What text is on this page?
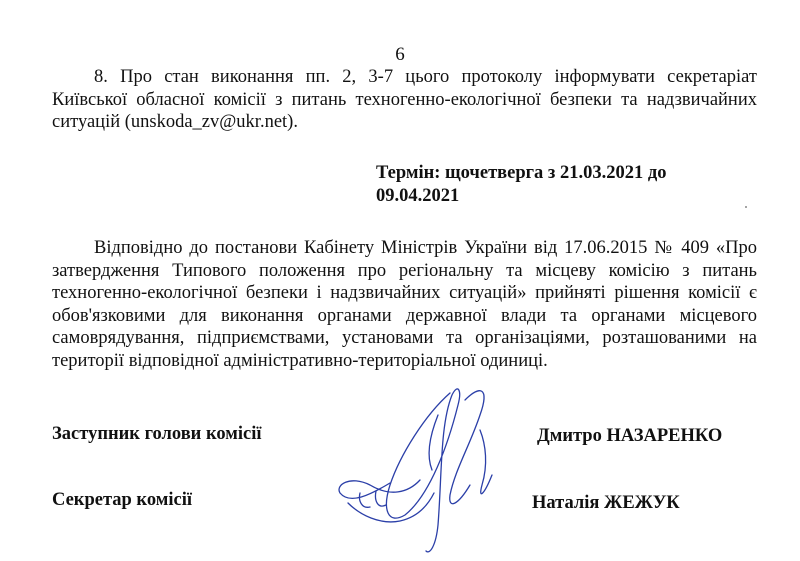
6
8. Про стан виконання пп. 2, 3-7 цього протоколу інформувати секретаріат Київської обласної комісії з питань техногенно-екологічної безпеки та надзвичайних ситуацій (unskoda_zv@ukr.net).
Термін: щочетверга з 21.03.2021 до
09.04.2021
Відповідно до постанови Кабінету Міністрів України від 17.06.2015 № 409 «Про затвердження Типового положення про регіональну та місцеву комісію з питань техногенно-екологічної безпеки і надзвичайних ситуацій» прийняті рішення комісії є обов'язковими для виконання органами державної влади та органами місцевого самоврядування, підприємствами, установами та організаціями, розташованими на території відповідної адміністративно-територіальної одиниці.
Заступник голови комісії	Дмитро НАЗАРЕНКО
Секретар комісії	Наталія ЖЕЖУК
